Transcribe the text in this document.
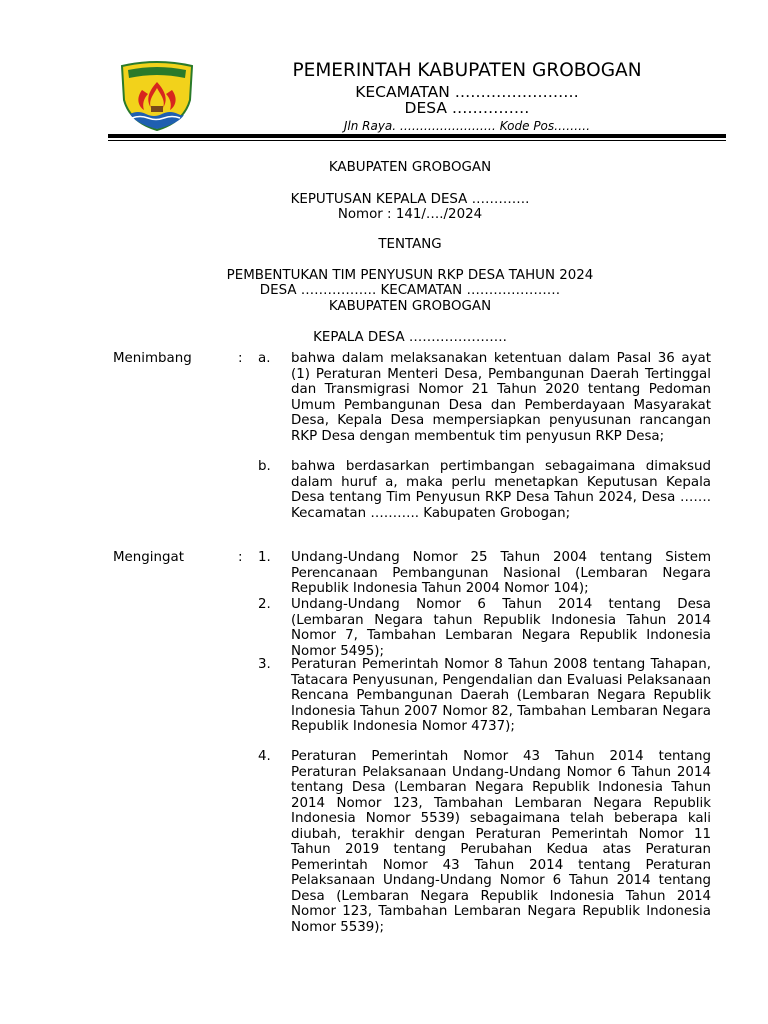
PEMERINTAH KABUPATEN GROBOGAN
KECAMATAN ……………………
DESA ……………
Jln Raya. …………………… Kode Pos………
KABUPATEN GROBOGAN
KEPUTUSAN KEPALA DESA ………….
Nomor : 141/…./2024
TENTANG
PEMBENTUKAN TIM PENYUSUN RKP DESA TAHUN 2024
DESA …………….. KECAMATAN …………………
KABUPATEN GROBOGAN
KEPALA DESA ………………….
Menimbang	: a.	bahwa dalam melaksanakan ketentuan dalam Pasal 36 ayat (1) Peraturan Menteri Desa, Pembangunan Daerah Tertinggal dan Transmigrasi Nomor 21 Tahun 2020 tentang Pedoman Umum Pembangunan Desa dan Pemberdayaan Masyarakat Desa, Kepala Desa mempersiapkan penyusunan rancangan RKP Desa dengan membentuk tim penyusun RKP Desa;
b.	bahwa berdasarkan pertimbangan sebagaimana dimaksud dalam huruf a, maka perlu menetapkan Keputusan Kepala Desa tentang Tim Penyusun RKP Desa Tahun 2024, Desa ……. Kecamatan ……….. Kabupaten Grobogan;
Mengingat	: 1.	Undang-Undang Nomor 25 Tahun 2004 tentang Sistem Perencanaan Pembangunan Nasional (Lembaran Negara Republik Indonesia Tahun 2004 Nomor 104);
2.	Undang-Undang Nomor 6 Tahun 2014 tentang Desa (Lembaran Negara tahun Republik Indonesia Tahun 2014 Nomor 7, Tambahan Lembaran Negara Republik Indonesia Nomor 5495);
3.	Peraturan Pemerintah Nomor 8 Tahun 2008 tentang Tahapan, Tatacara Penyusunan, Pengendalian dan Evaluasi Pelaksanaan Rencana Pembangunan Daerah (Lembaran Negara Republik Indonesia Tahun 2007 Nomor 82, Tambahan Lembaran Negara Republik Indonesia Nomor 4737);
4.	Peraturan Pemerintah Nomor 43 Tahun 2014 tentang Peraturan Pelaksanaan Undang-Undang Nomor 6 Tahun 2014 tentang Desa (Lembaran Negara Republik Indonesia Tahun 2014 Nomor 123, Tambahan Lembaran Negara Republik Indonesia Nomor 5539) sebagaimana telah beberapa kali diubah, terakhir dengan Peraturan Pemerintah Nomor 11 Tahun 2019 tentang Perubahan Kedua atas Peraturan Pemerintah Nomor 43 Tahun 2014 tentang Peraturan Pelaksanaan Undang-Undang Nomor 6 Tahun 2014 tentang Desa (Lembaran Negara Republik Indonesia Tahun 2014 Nomor 123, Tambahan Lembaran Negara Republik Indonesia Nomor 5539);
